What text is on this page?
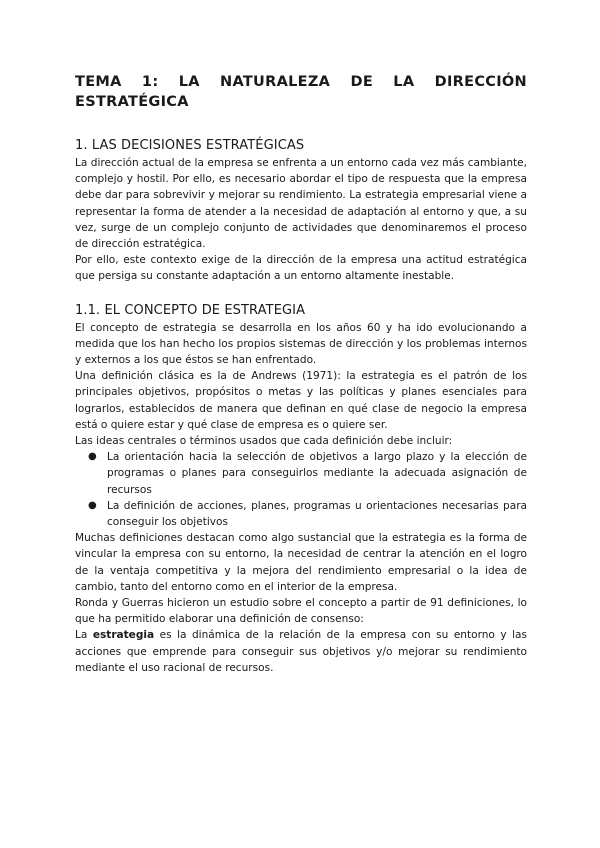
TEMA 1: LA NATURALEZA DE LA DIRECCIÓN
ESTRATÉGICA
1. LAS DECISIONES ESTRATÉGICAS

La dirección actual de la empresa se enfrenta a un entorno cada vez más cambiante, complejo y hostil. Por ello, es necesario abordar el tipo de respuesta que la empresa debe dar para sobrevivir y mejorar su rendimiento. La estrategia empresarial viene a representar la forma de atender a la necesidad de adaptación al entorno y que, a su vez, surge de un complejo conjunto de actividades que denominaremos el proceso de dirección estratégica.

Por ello, este contexto exige de la dirección de la empresa una actitud estratégica que persiga su constante adaptación a un entorno altamente inestable.

1.1. EL CONCEPTO DE ESTRATEGIA

El concepto de estrategia se desarrolla en los años 60 y ha ido evolucionando a medida que los han hecho los propios sistemas de dirección y los problemas internos y externos a los que éstos se han enfrentado.

Una definición clásica es la de Andrews (1971): la estrategia es el patrón de los principales objetivos, propósitos o metas y las políticas y planes esenciales para lograrlos, establecidos de manera que definan en qué clase de negocio la empresa está o quiere estar y qué clase de empresa es o quiere ser.

Las ideas centrales o términos usados que cada definición debe incluir:

● La orientación hacia la selección de objetivos a largo plazo y la elección de programas o planes para conseguirlos mediante la adecuada asignación de recursos
● La definición de acciones, planes, programas u orientaciones necesarias para conseguir los objetivos

Muchas definiciones destacan como algo sustancial que la estrategia es la forma de vincular la empresa con su entorno, la necesidad de centrar la atención en el logro de la ventaja competitiva y la mejora del rendimiento empresarial o la idea de cambio, tanto del entorno como en el interior de la empresa.

Ronda y Guerras hicieron un estudio sobre el concepto a partir de 91 definiciones, lo que ha permitido elaborar una definición de consenso:

La estrategia es la dinámica de la relación de la empresa con su entorno y las acciones que emprende para conseguir sus objetivos y/o mejorar su rendimiento mediante el uso racional de recursos.
